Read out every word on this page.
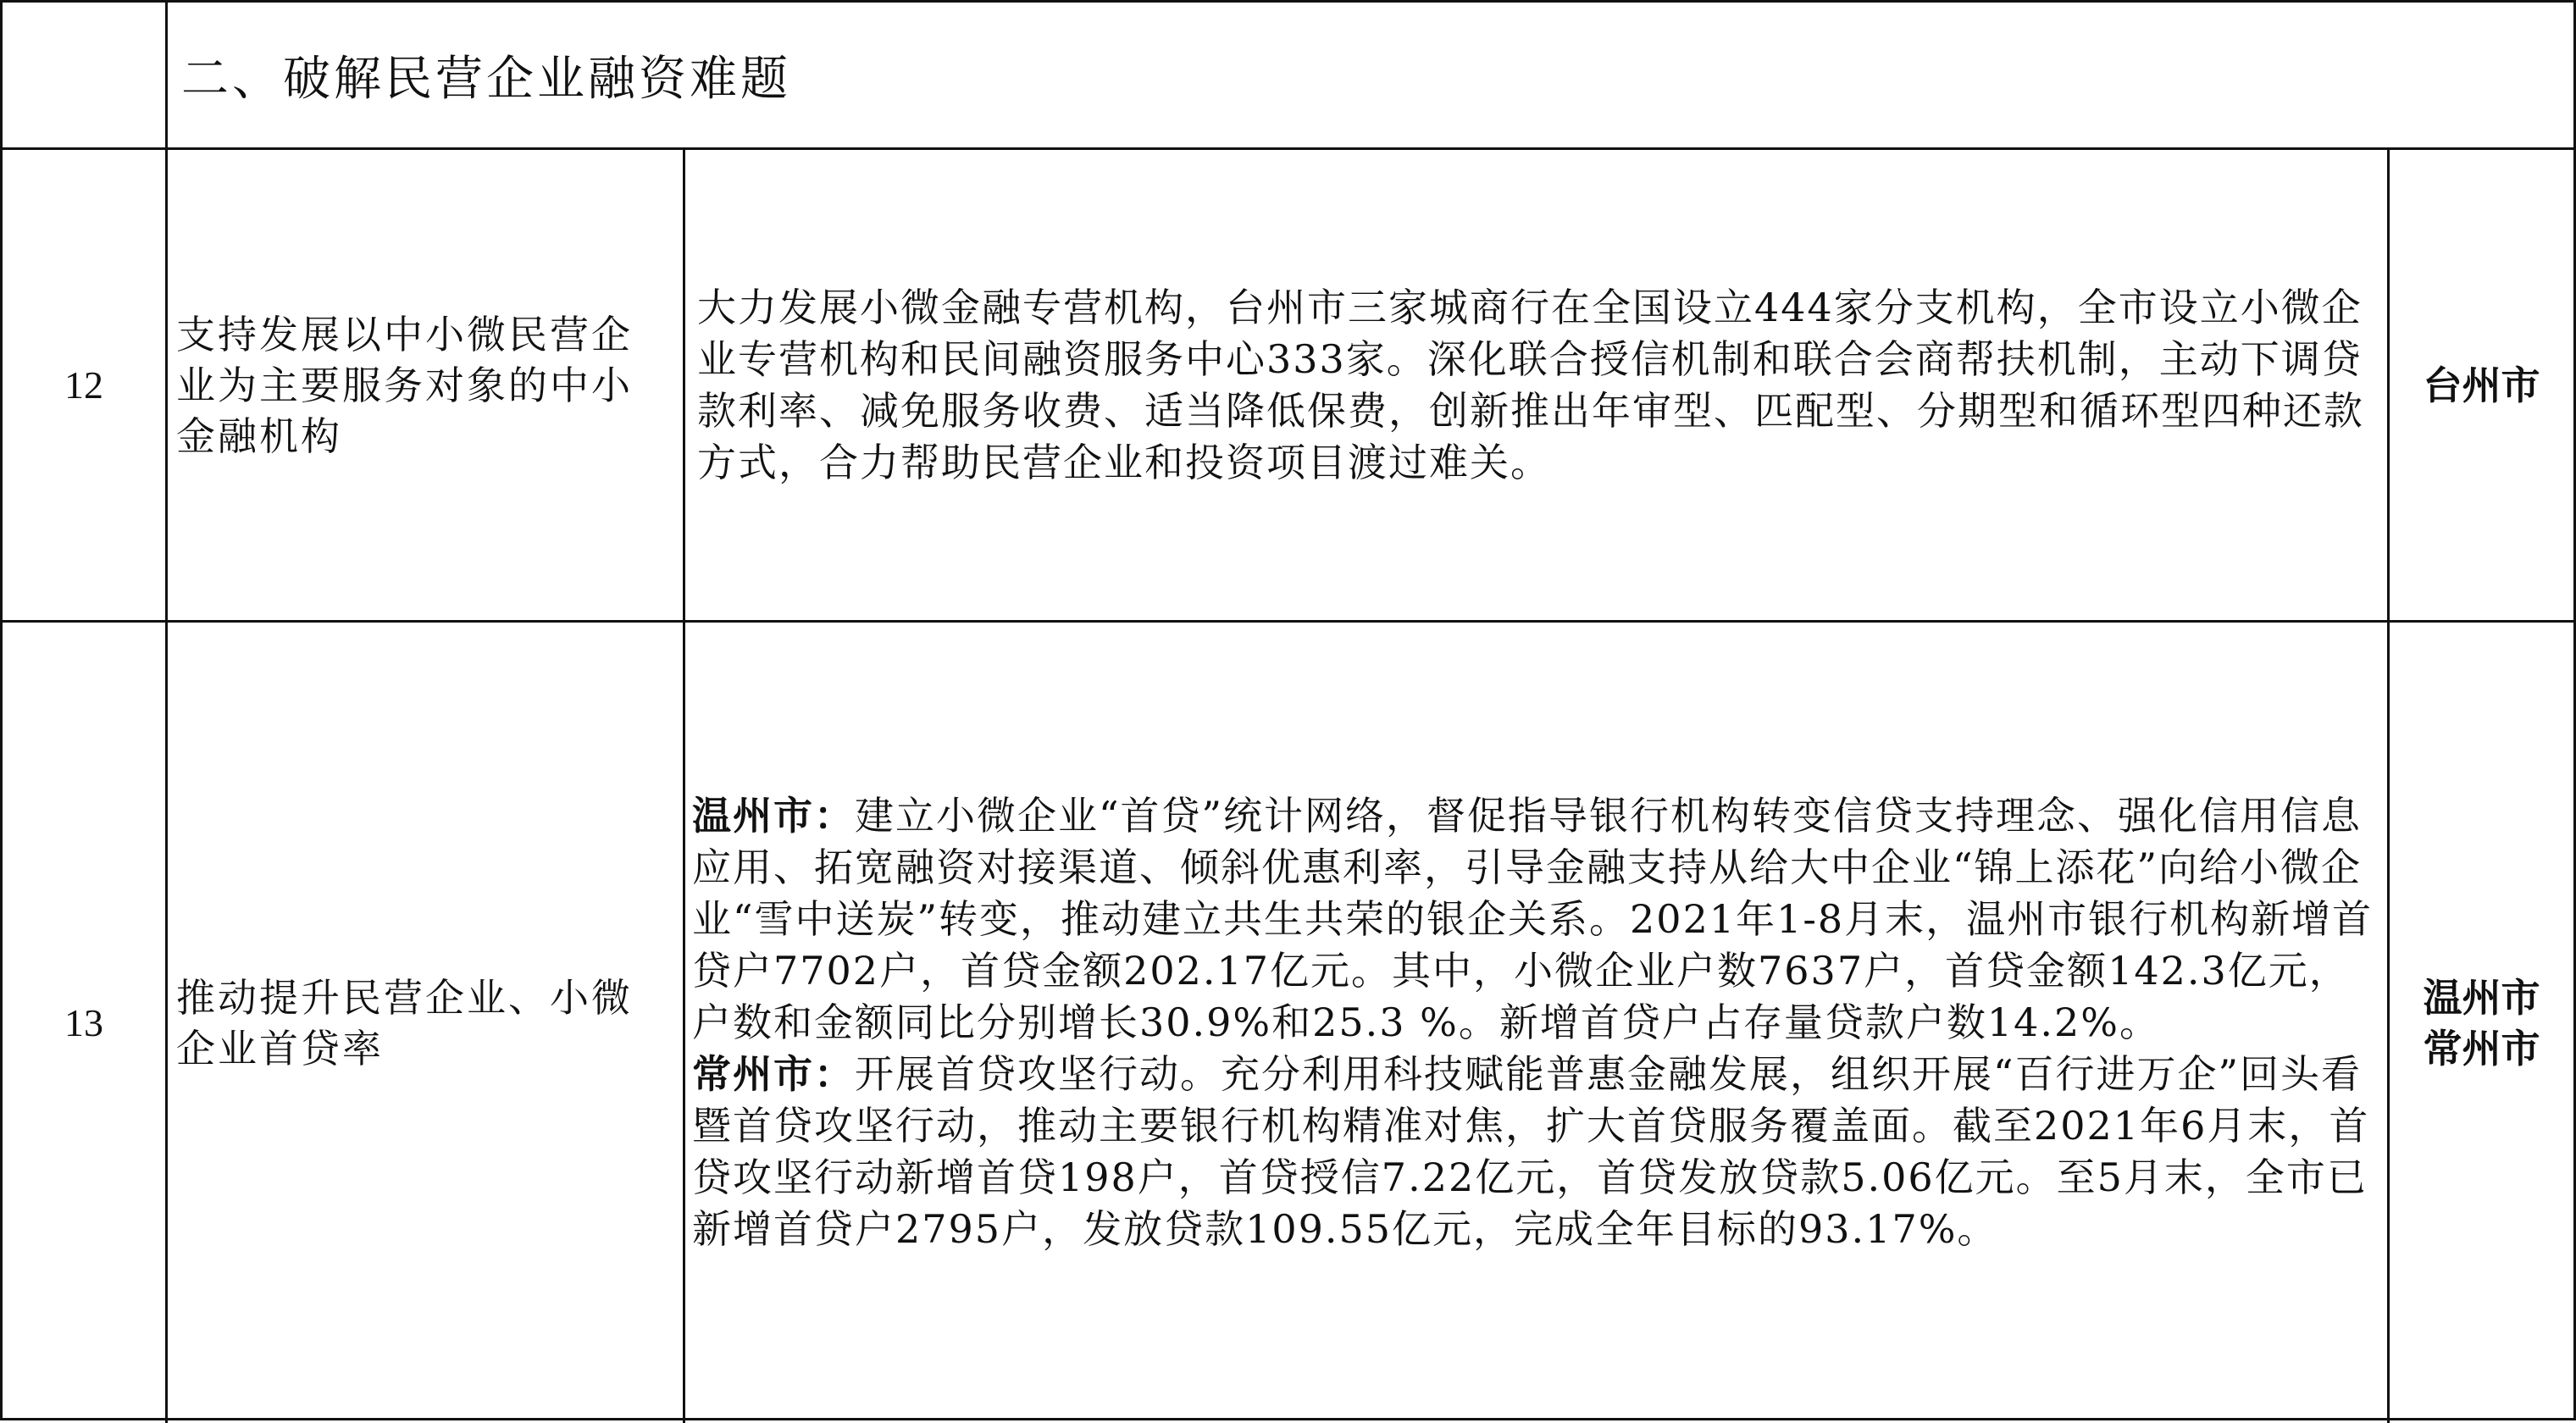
二、破解民营企业融资难题
12
支持发展以中小微民营企业为主要服务对象的中小金融机构

大力发展小微金融专营机构，台州市三家城商行在全国设立444家分支机构，全市设立小微企业专营机构和民间融资服务中心333家。深化联合授信机制和联合会商帮扶机制，主动下调贷款利率、减免服务收费、适当降低保费，创新推出年审型、匹配型、分期型和循环型四种还款方式，合力帮助民营企业和投资项目渡过难关。

台州市
13
推动提升民营企业、小微企业首贷率

温州市：建立小微企业“首贷”统计网络，督促指导银行机构转变信贷支持理念、强化信用信息应用、拓宽融资对接渠道、倾斜优惠利率，引导金融支持从给大中企业“锦上添花”向给小微企业“雪中送炭”转变，推动建立共生共荣的银企关系。2021年1-8月末，温州市银行机构新增首贷户7702户，首贷金额202.17亿元。其中，小微企业户数7637户，首贷金额142.3亿元，户数和金额同比分别增长30.9%和25.3 %。新增首贷户占存量贷款户数14.2%。

常州市：开展首贷攻坚行动。充分利用科技赋能普惠金融发展，组织开展“百行进万企”回头看暨首贷攻坚行动，推动主要银行机构精准对焦，扩大首贷服务覆盖面。截至2021年6月末，首贷攻坚行动新增首贷198户，首贷授信7.22亿元，首贷发放贷款5.06亿元。至5月末，全市已新增首贷户2795户，发放贷款109.55亿元，完成全年目标的93.17%。

温州市
常州市
